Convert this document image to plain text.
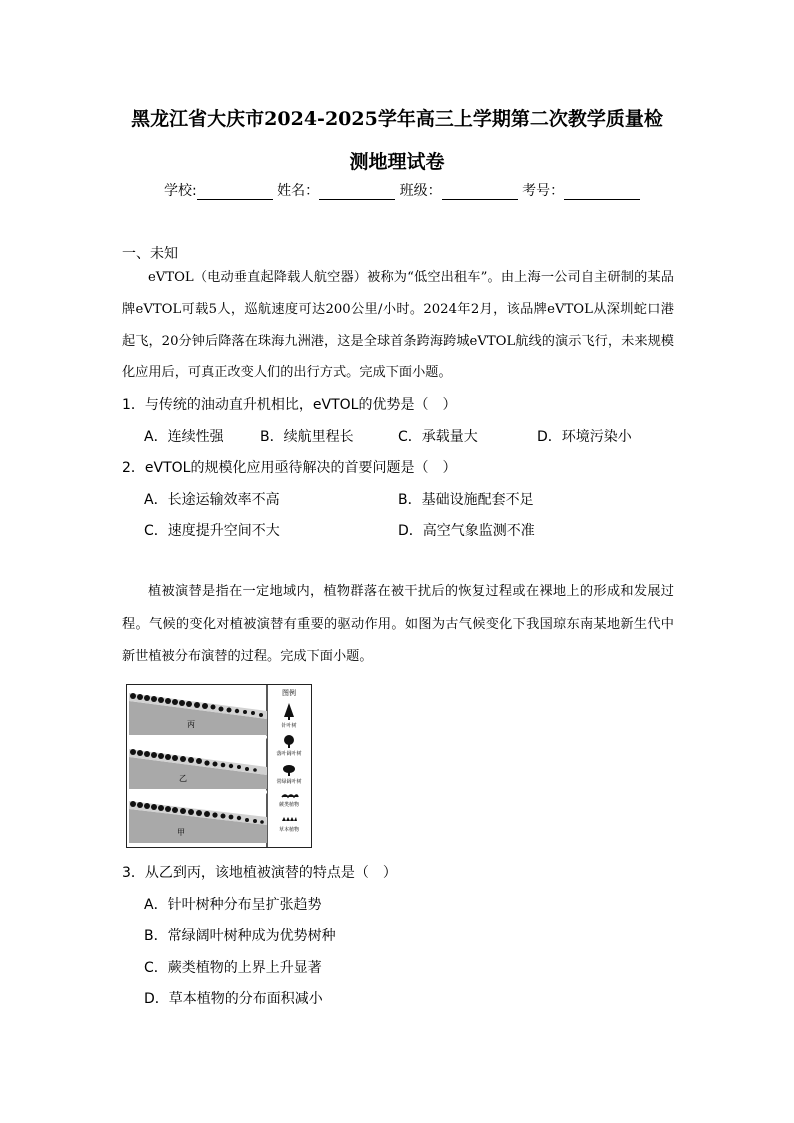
黑龙江省大庆市2024-2025学年高三上学期第二次教学质量检
测地理试卷
学校:	姓名：	班级：	考号：
一、未知
eVTOL（电动垂直起降载人航空器）被称为“低空出租车”。由上海一公司自主研制的某品牌eVTOL可载5人，巡航速度可达200公里/小时。2024年2月，该品牌eVTOL从深圳蛇口港起飞，20分钟后降落在珠海九洲港，这是全球首条跨海跨城eVTOL航线的演示飞行，未来规模化应用后，可真正改变人们的出行方式。完成下面小题。
1．与传统的油动直升机相比，eVTOL的优势是（　）
A．连续性强	B．续航里程长	C．承载量大	D．环境污染小
2．eVTOL的规模化应用亟待解决的首要问题是（　）
A．长途运输效率不高	B．基础设施配套不足
C．速度提升空间不大	D．高空气象监测不准
植被演替是指在一定地域内，植物群落在被干扰后的恢复过程或在裸地上的形成和发展过程。气候的变化对植被演替有重要的驱动作用。如图为古气候变化下我国琼东南某地新生代中新世植被分布演替的过程。完成下面小题。
丙
乙
甲
图例
针叶树
落叶阔叶树
常绿阔叶树
蕨类植物
草本植物
3．从乙到丙，该地植被演替的特点是（　）
A．针叶树种分布呈扩张趋势
B．常绿阔叶树种成为优势树种
C．蕨类植物的上界上升显著
D．草本植物的分布面积减小
